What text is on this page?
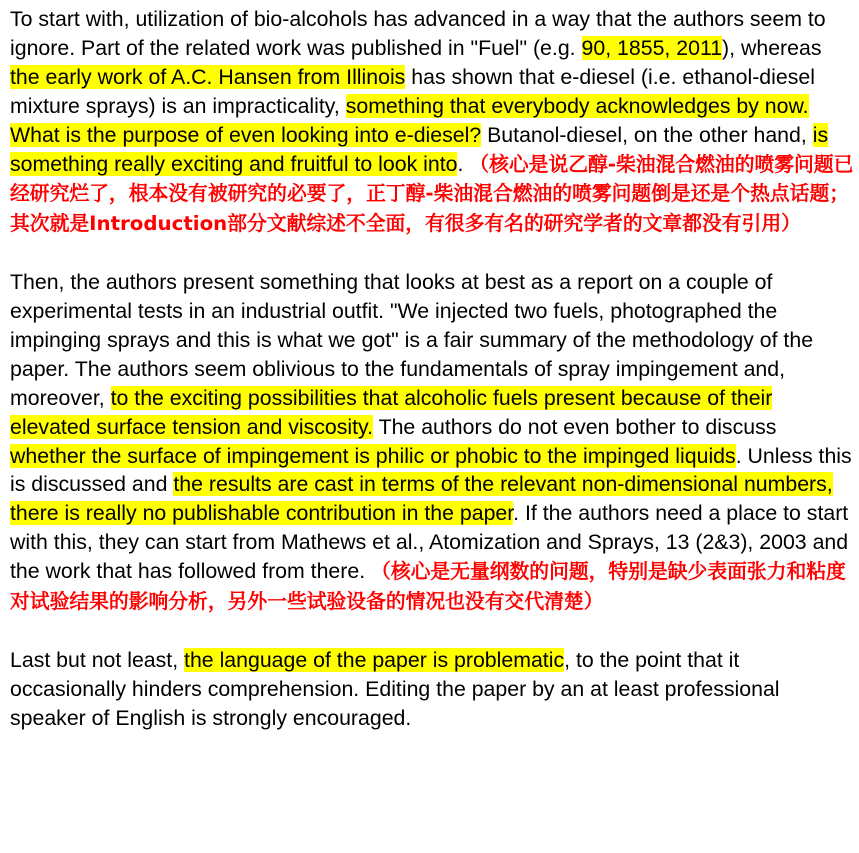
To start with, utilization of bio-alcohols has advanced in a way that the authors seem to ignore. Part of the related work was published in "Fuel" (e.g. 90, 1855, 2011), whereas the early work of A.C. Hansen from Illinois has shown that e-diesel (i.e. ethanol-diesel mixture sprays) is an impracticality, something that everybody acknowledges by now. What is the purpose of even looking into e-diesel? Butanol-diesel, on the other hand, is something really exciting and fruitful to look into. （核心是说乙醇-柴油混合燃油的喷雾问题已经研究烂了，根本没有被研究的必要了，正丁醇-柴油混合燃油的喷雾问题倒是还是个热点话题；其次就是Introduction部分文献综述不全面，有很多有名的研究学者的文章都没有引用）

Then, the authors present something that looks at best as a report on a couple of experimental tests in an industrial outfit. "We injected two fuels, photographed the impinging sprays and this is what we got" is a fair summary of the methodology of the paper. The authors seem oblivious to the fundamentals of spray impingement and, moreover, to the exciting possibilities that alcoholic fuels present because of their elevated surface tension and viscosity. The authors do not even bother to discuss whether the surface of impingement is philic or phobic to the impinged liquids. Unless this is discussed and the results are cast in terms of the relevant non-dimensional numbers, there is really no publishable contribution in the paper. If the authors need a place to start with this, they can start from Mathews et al., Atomization and Sprays, 13 (2&3), 2003 and the work that has followed from there. （核心是无量纲数的问题，特别是缺少表面张力和粘度对试验结果的影响分析，另外一些试验设备的情况也没有交代清楚）

Last but not least, the language of the paper is problematic, to the point that it occasionally hinders comprehension. Editing the paper by an at least professional speaker of English is strongly encouraged.
